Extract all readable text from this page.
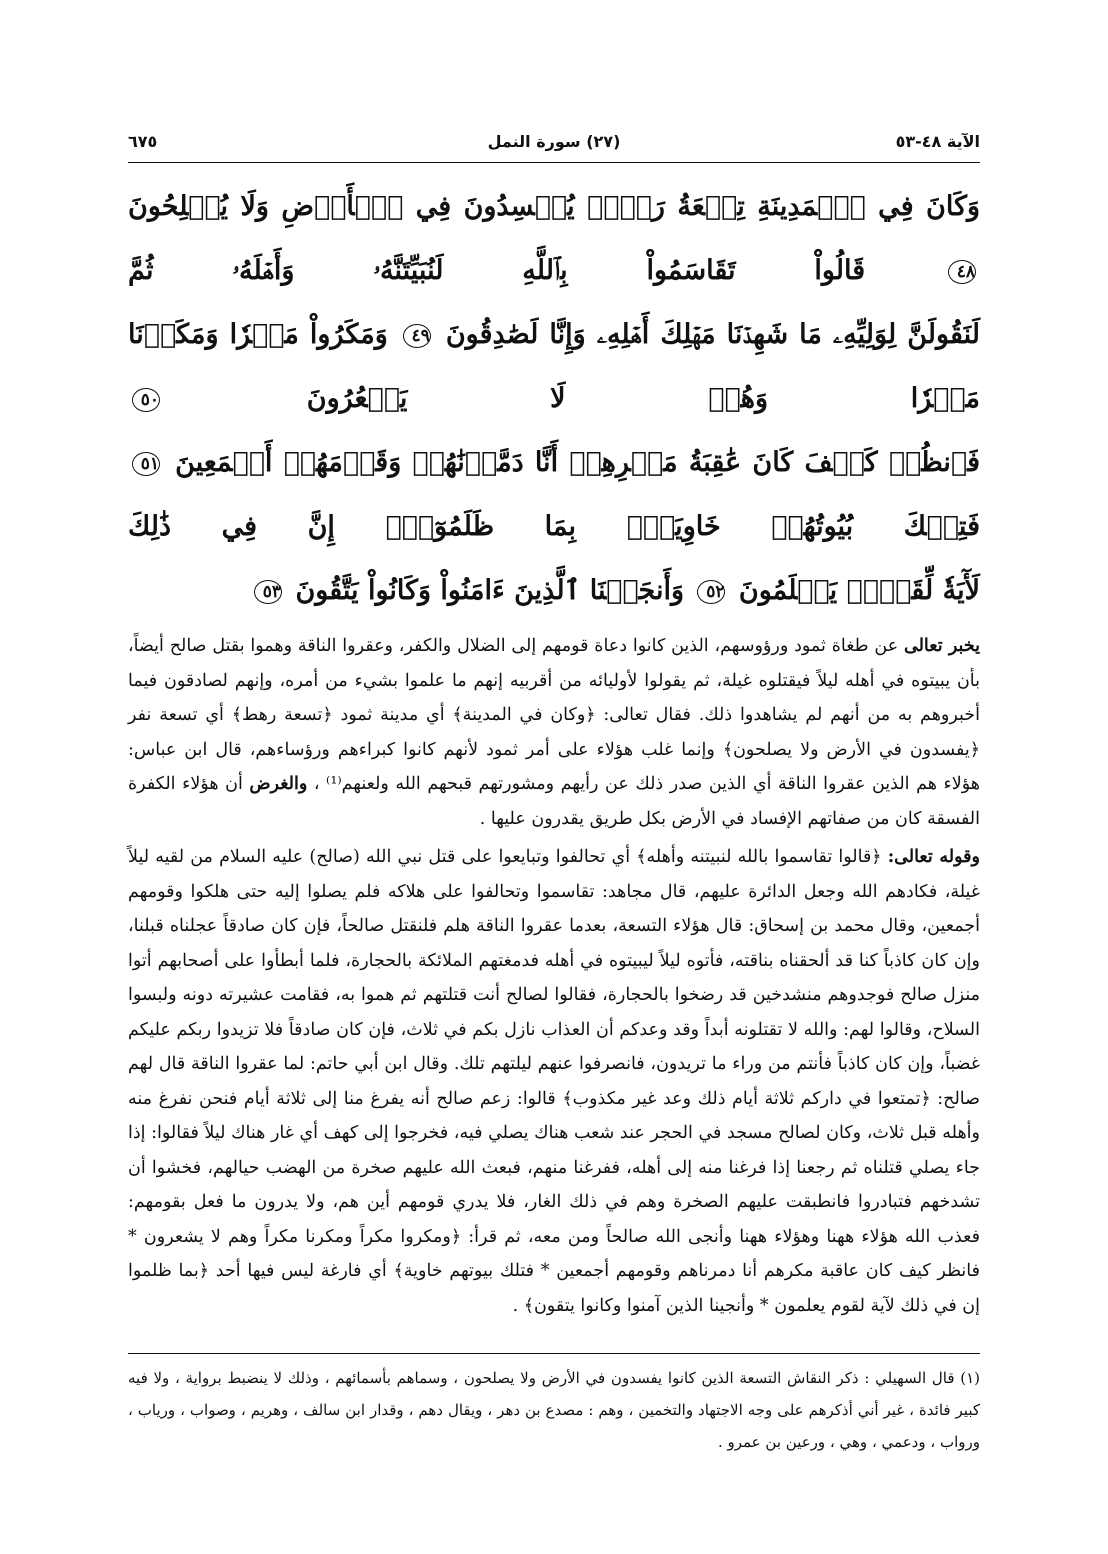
الآية ٤٨-٥٣
(٢٧) سورة النمل
٦٧٥
وَكَانَ فِي ٱلۡمَدِينَةِ تِسۡعَةُ رَهۡطٖ يُفۡسِدُونَ فِي ٱلۡأَرۡضِ وَلَا يُصۡلِحُونَ ٤٨ قَالُواْ تَقَاسَمُواْ بِٱللَّهِ لَنُبَيِّتَنَّهُۥ وَأَهۡلَهُۥ ثُمَّ
لَنَقُولَنَّ لِوَلِيِّهِۦ مَا شَهِدۡنَا مَهۡلِكَ أَهۡلِهِۦ وَإِنَّا لَصَٰدِقُونَ ٤٩ وَمَكَرُواْ مَكۡرٗا وَمَكَرۡنَا مَكۡرٗا وَهُمۡ لَا يَشۡعُرُونَ ٥٠
فَٱنظُرۡ كَيۡفَ كَانَ عَٰقِبَةُ مَكۡرِهِمۡ أَنَّا دَمَّرۡنَٰهُمۡ وَقَوۡمَهُمۡ أَجۡمَعِينَ ٥١ فَتِلۡكَ بُيُوتُهُمۡ خَاوِيَةَۢ بِمَا ظَلَمُوٓاْۚ إِنَّ فِي ذَٰلِكَ
لَأٓيَةٗ لِّقَوۡمٖ يَعۡلَمُونَ ٥٢ وَأَنجَيۡنَا ٱلَّذِينَ ءَامَنُواْ وَكَانُواْ يَتَّقُونَ ٥٣

يخبر تعالى عن طغاة ثمود ورؤوسهم، الذين كانوا دعاة قومهم إلى الضلال والكفر، وعقروا الناقة وهموا بقتل صالح أيضاً، بأن يبيتوه في أهله ليلاً فيقتلوه غيلة، ثم يقولوا لأوليائه من أقربيه إنهم ما علموا بشيء من أمره، وإنهم لصادقون فيما أخبروهم به من أنهم لم يشاهدوا ذلك. فقال تعالى: ﴿وكان في المدينة﴾ أي مدينة ثمود ﴿تسعة رهط﴾ أي تسعة نفر ﴿يفسدون في الأرض ولا يصلحون﴾ وإنما غلب هؤلاء على أمر ثمود لأنهم كانوا كبراءهم ورؤساءهم، قال ابن عباس: هؤلاء هم الذين عقروا الناقة أي الذين صدر ذلك عن رأيهم ومشورتهم قبحهم الله ولعنهم⁽¹⁾ ، والغرض أن هؤلاء الكفرة الفسقة كان من صفاتهم الإفساد في الأرض بكل طريق يقدرون عليها .

وقوله تعالى: ﴿قالوا تقاسموا بالله لنبيتنه وأهله﴾ أي تحالفوا وتبايعوا على قتل نبي الله (صالح) عليه السلام من لقيه ليلاً غيلة، فكادهم الله وجعل الدائرة عليهم، قال مجاهد: تقاسموا وتحالفوا على هلاكه فلم يصلوا إليه حتى هلكوا وقومهم أجمعين، وقال محمد بن إسحاق: قال هؤلاء التسعة، بعدما عقروا الناقة هلم فلنقتل صالحاً، فإن كان صادقاً عجلناه قبلنا، وإن كان كاذباً كنا قد ألحقناه بناقته، فأتوه ليلاً ليبيتوه في أهله فدمغتهم الملائكة بالحجارة، فلما أبطأوا على أصحابهم أتوا منزل صالح فوجدوهم منشدخين قد رضخوا بالحجارة، فقالوا لصالح أنت قتلتهم ثم هموا به، فقامت عشيرته دونه ولبسوا السلاح، وقالوا لهم: والله لا تقتلونه أبداً وقد وعدكم أن العذاب نازل بكم في ثلاث، فإن كان صادقاً فلا تزيدوا ربكم عليكم غضباً، وإن كان كاذباً فأنتم من وراء ما تريدون، فانصرفوا عنهم ليلتهم تلك. وقال ابن أبي حاتم: لما عقروا الناقة قال لهم صالح: ﴿تمتعوا في داركم ثلاثة أيام ذلك وعد غير مكذوب﴾ قالوا: زعم صالح أنه يفرغ منا إلى ثلاثة أيام فنحن نفرغ منه وأهله قبل ثلاث، وكان لصالح مسجد في الحجر عند شعب هناك يصلي فيه، فخرجوا إلى كهف أي غار هناك ليلاً فقالوا: إذا جاء يصلي قتلناه ثم رجعنا إذا فرغنا منه إلى أهله، ففرغنا منهم، فبعث الله عليهم صخرة من الهضب حيالهم، فخشوا أن تشدخهم فتبادروا فانطبقت عليهم الصخرة وهم في ذلك الغار، فلا يدري قومهم أين هم، ولا يدرون ما فعل بقومهم: فعذب الله هؤلاء ههنا وهؤلاء ههنا وأنجى الله صالحاً ومن معه، ثم قرأ: ﴿ومكروا مكراً ومكرنا مكراً وهم لا يشعرون * فانظر كيف كان عاقبة مكرهم أنا دمرناهم وقومهم أجمعين * فتلك بيوتهم خاوية﴾ أي فارغة ليس فيها أحد ﴿بما ظلموا إن في ذلك لآية لقوم يعلمون * وأنجينا الذين آمنوا وكانوا يتقون﴾ .

(١) قال السهيلي : ذكر النقاش التسعة الذين كانوا يفسدون في الأرض ولا يصلحون ، وسماهم بأسمائهم ، وذلك لا ينضبط برواية ، ولا فيه كبير فائدة ، غير أني أذكرهم على وجه الاجتهاد والتخمين ، وهم : مصدع بن دهر ، ويقال دهم ، وقدار ابن سالف ، وهريم ، وصواب ، ورياب ، ورواب ، ودعمي ، وهي ، ورعين بن عمرو .
